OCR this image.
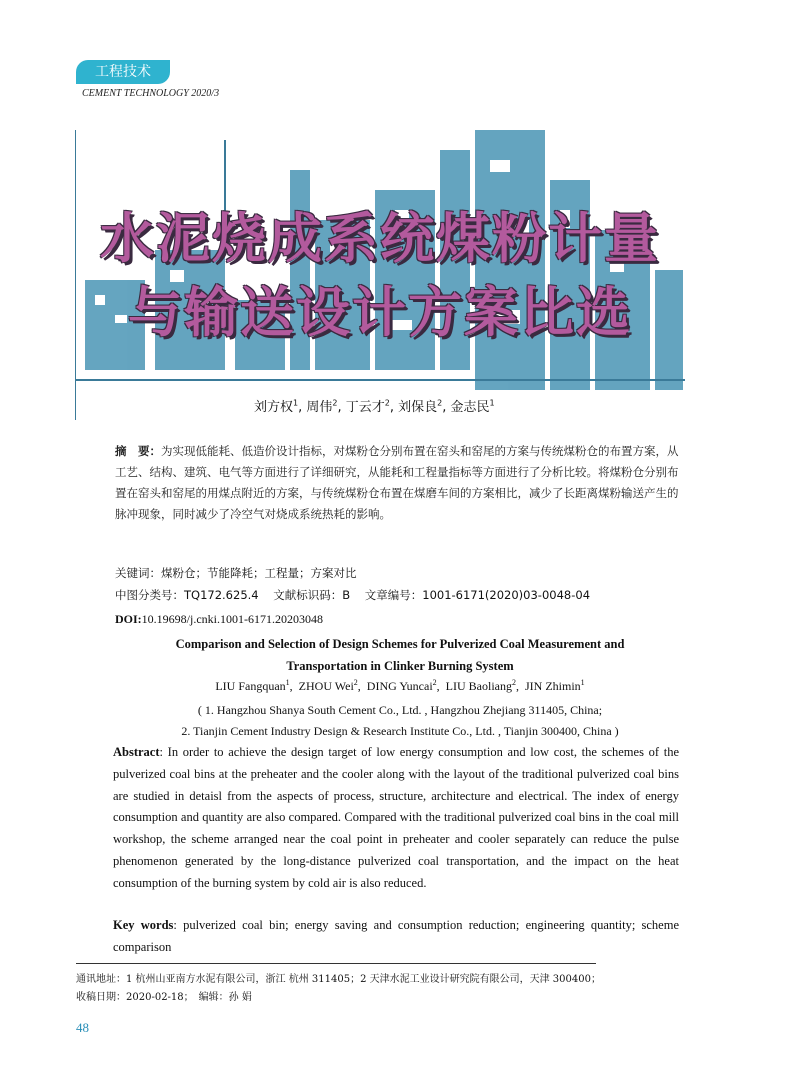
工程技术
CEMENT TECHNOLOGY 2020/3
水泥烧成系统煤粉计量
与输送设计方案比选
刘方权$^1$, 周伟$^2$, 丁云才$^2$, 刘保良$^2$, 金志民$^1$
摘　要：为实现低能耗、低造价设计指标，对煤粉仓分别布置在窑头和窑尾的方案与传统煤粉仓的布置方案，从工艺、结构、建筑、电气等方面进行了详细研究，从能耗和工程量指标等方面进行了分析比较。将煤粉仓分别布置在窑头和窑尾的用煤点附近的方案，与传统煤粉仓布置在煤磨车间的方案相比，减少了长距离煤粉输送产生的脉冲现象，同时减少了冷空气对烧成系统热耗的影响。
关键词：煤粉仓；节能降耗；工程量；方案对比
中图分类号：TQ172.625.4 文献标识码：B 文章编号：1001-6171(2020)03-0048-04
DOI:10.19698/j.cnki.1001-6171.20203048
Comparison and Selection of Design Schemes for Pulverized Coal Measurement and
Transportation in Clinker Burning System
LIU Fangquan$^1$,  ZHOU Wei$^2$,  DING Yuncai$^2$,  LIU Baoliang$^2$,  JIN Zhimin$^1$
( 1. Hangzhou Shanya South Cement Co., Ltd. , Hangzhou Zhejiang 311405, China;
2. Tianjin Cement Industry Design & Research Institute Co., Ltd. , Tianjin 300400, China )
Abstract: In order to achieve the design target of low energy consumption and low cost, the schemes of the pulverized coal bins at the preheater and the cooler along with the layout of the traditional pulverized coal bins are studied in detaisl from the aspects of process, structure, architecture and electrical. The index of energy consumption and quantity are also compared. Compared with the traditional pulverized coal bins in the coal mill workshop, the scheme arranged near the coal point in preheater and cooler separately can reduce the pulse phenomenon generated by the long-distance pulverized coal transportation, and the impact on the heat consumption of the burning system by cold air is also reduced.
Key words: pulverized coal bin; energy saving and consumption reduction; engineering quantity; scheme comparison
通讯地址：1 杭州山亚南方水泥有限公司，浙江 杭州 311405；2 天津水泥工业设计研究院有限公司，天津 300400；
收稿日期：2020-02-18；　编辑：孙 娟
48
